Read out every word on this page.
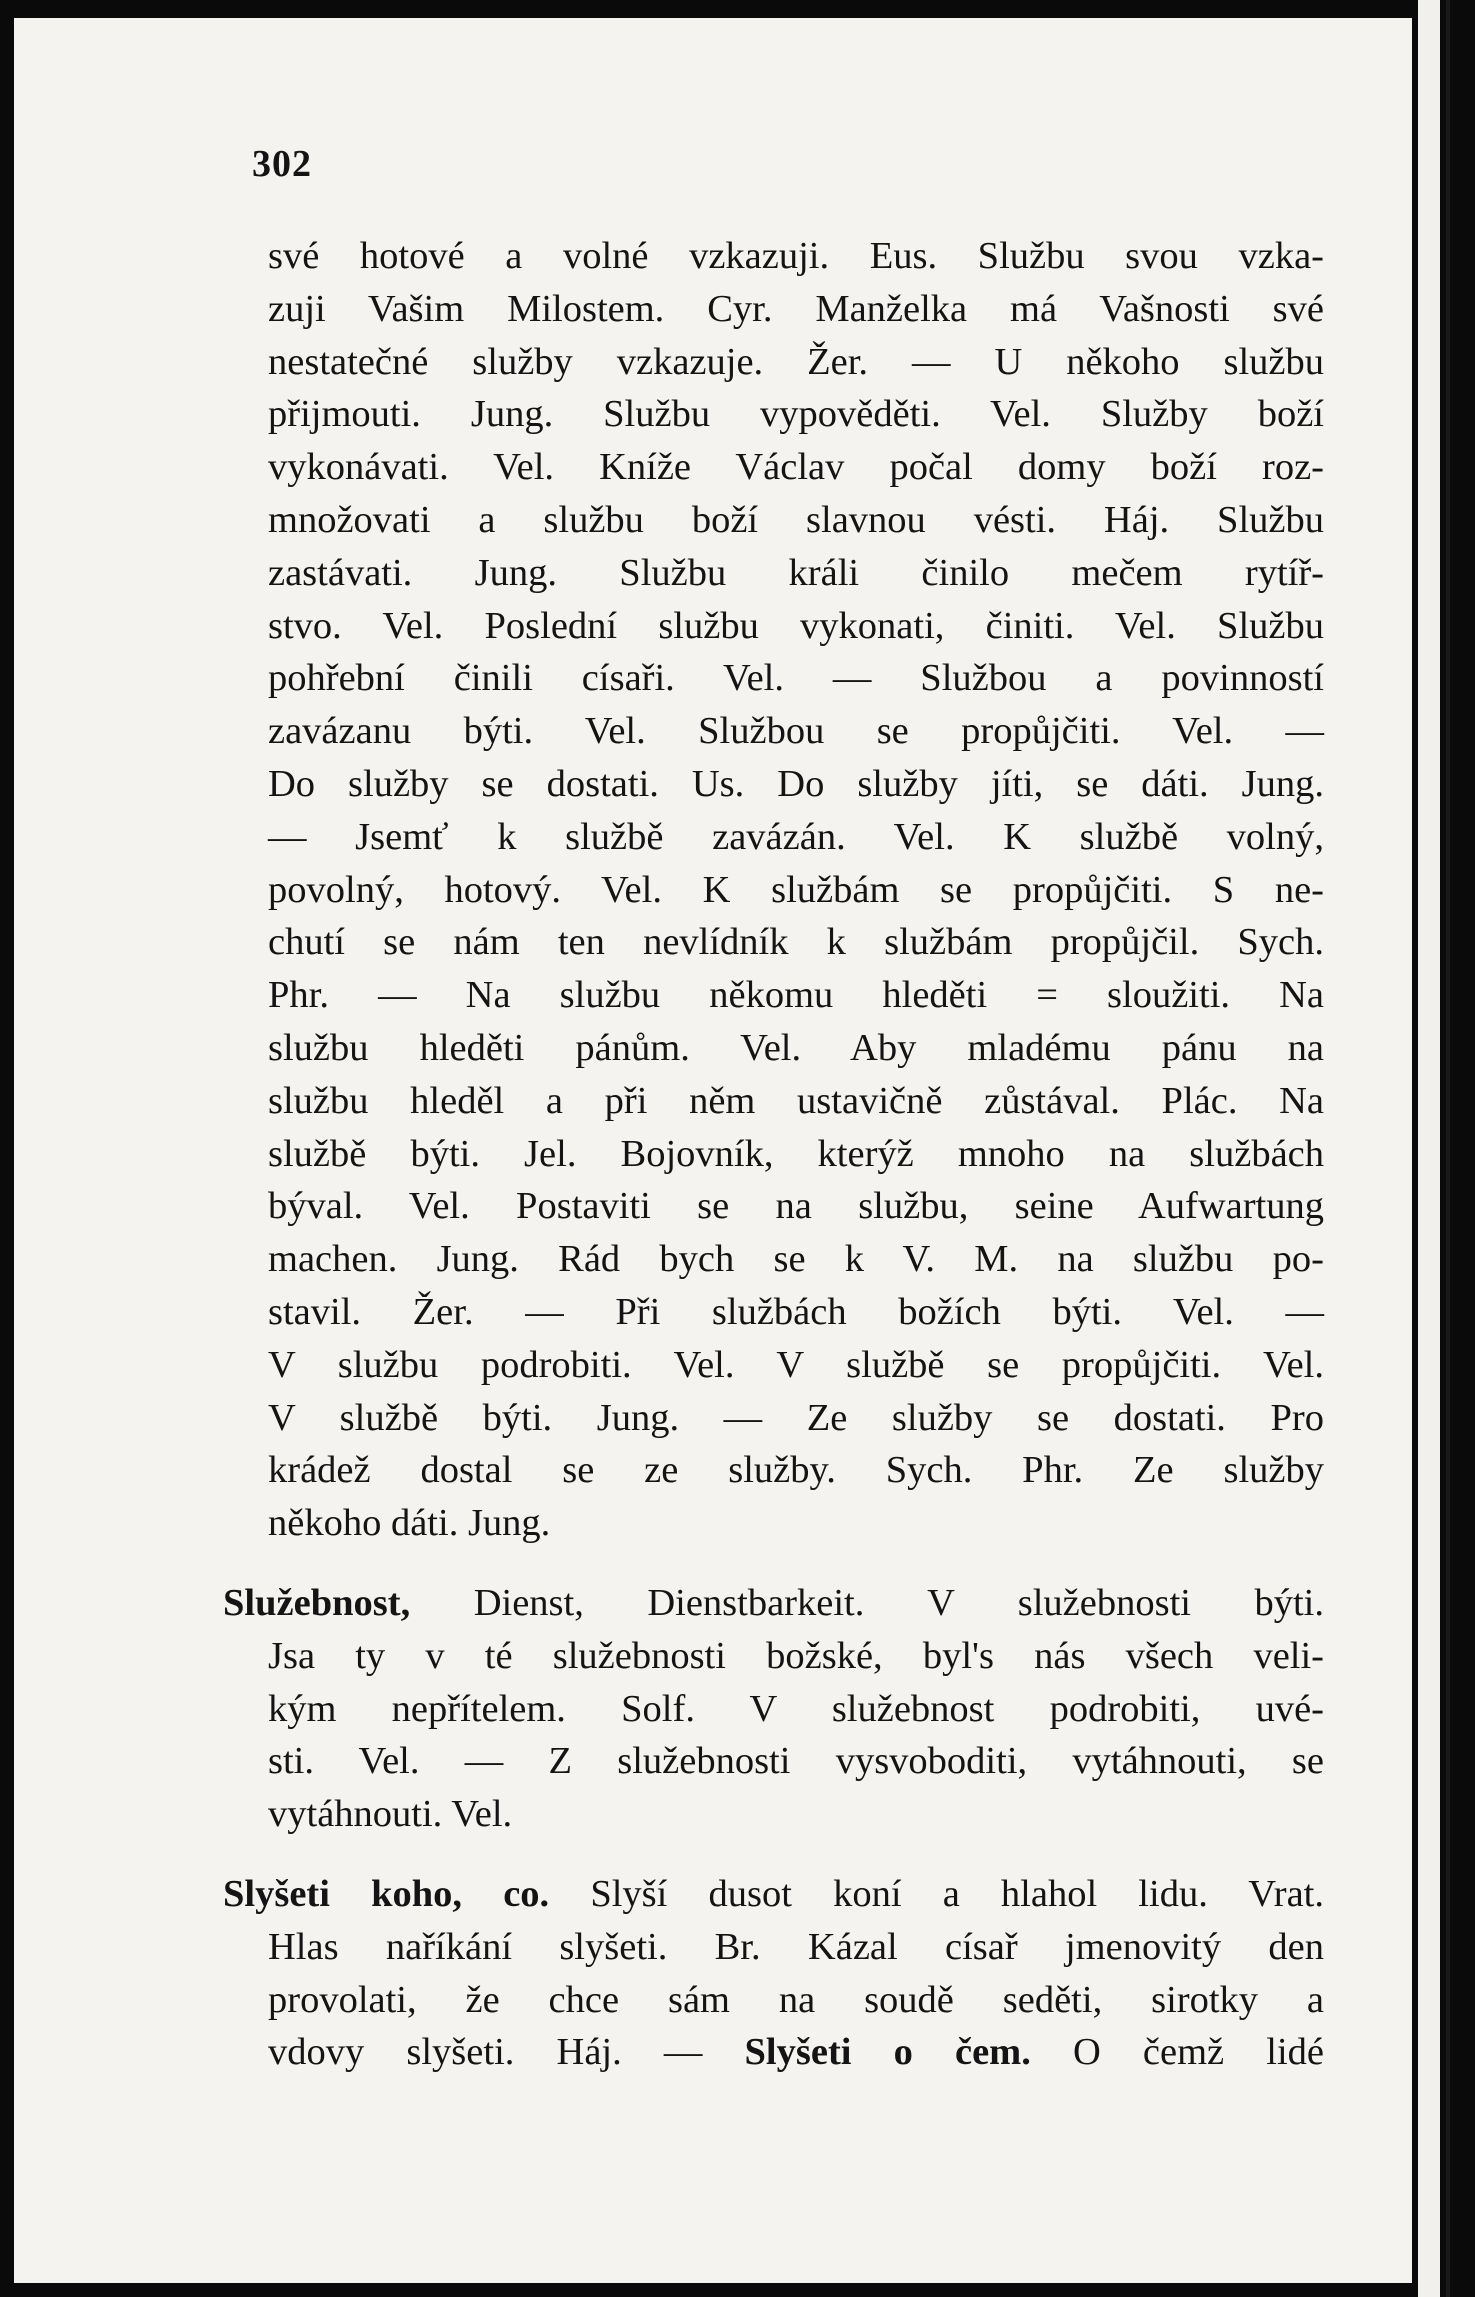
302
své hotové a volné vzkazuji. Eus. Službu svou vzka-
zuji Vašim Milostem. Cyr. Manželka má Vašnosti své
nestatečné služby vzkazuje. Žer. — U někoho službu
přijmouti. Jung. Službu vypověděti. Vel. Služby boží
vykonávati. Vel. Kníže Václav počal domy boží roz-
množovati a službu boží slavnou vésti. Háj. Službu
zastávati. Jung. Službu králi činilo mečem rytíř-
stvo. Vel. Poslední službu vykonati, činiti. Vel. Službu
pohřební činili císaři. Vel. — Službou a povinností
zavázanu býti. Vel. Službou se propůjčiti. Vel. —
Do služby se dostati. Us. Do služby jíti, se dáti. Jung.
— Jsemť k službě zavázán. Vel. K službě volný,
povolný, hotový. Vel. K službám se propůjčiti. S ne-
chutí se nám ten nevlídník k službám propůjčil. Sych.
Phr. — Na službu někomu hleděti = sloužiti. Na
službu hleděti pánům. Vel. Aby mladému pánu na
službu hleděl a při něm ustavičně zůstával. Plác. Na
službě býti. Jel. Bojovník, kterýž mnoho na službách
býval. Vel. Postaviti se na službu, seine Aufwartung
machen. Jung. Rád bych se k V. M. na službu po-
stavil. Žer. — Při službách božích býti. Vel. —
V službu podrobiti. Vel. V službě se propůjčiti. Vel.
V službě býti. Jung. — Ze služby se dostati. Pro
krádež dostal se ze služby. Sych. Phr. Ze služby
někoho dáti. Jung.
Služebnost, Dienst, Dienstbarkeit. V služebnosti býti.
Jsa ty v té služebnosti božské, byl's nás všech veli-
kým nepřítelem. Solf. V služebnost podrobiti, uvé-
sti. Vel. — Z služebnosti vysvoboditi, vytáhnouti, se
vytáhnouti. Vel.
Slyšeti koho, co. Slyší dusot koní a hlahol lidu. Vrat.
Hlas naříkání slyšeti. Br. Kázal císař jmenovitý den
provolati, že chce sám na soudě seděti, sirotky a
vdovy slyšeti. Háj. — Slyšeti o čem. O čemž lidé
